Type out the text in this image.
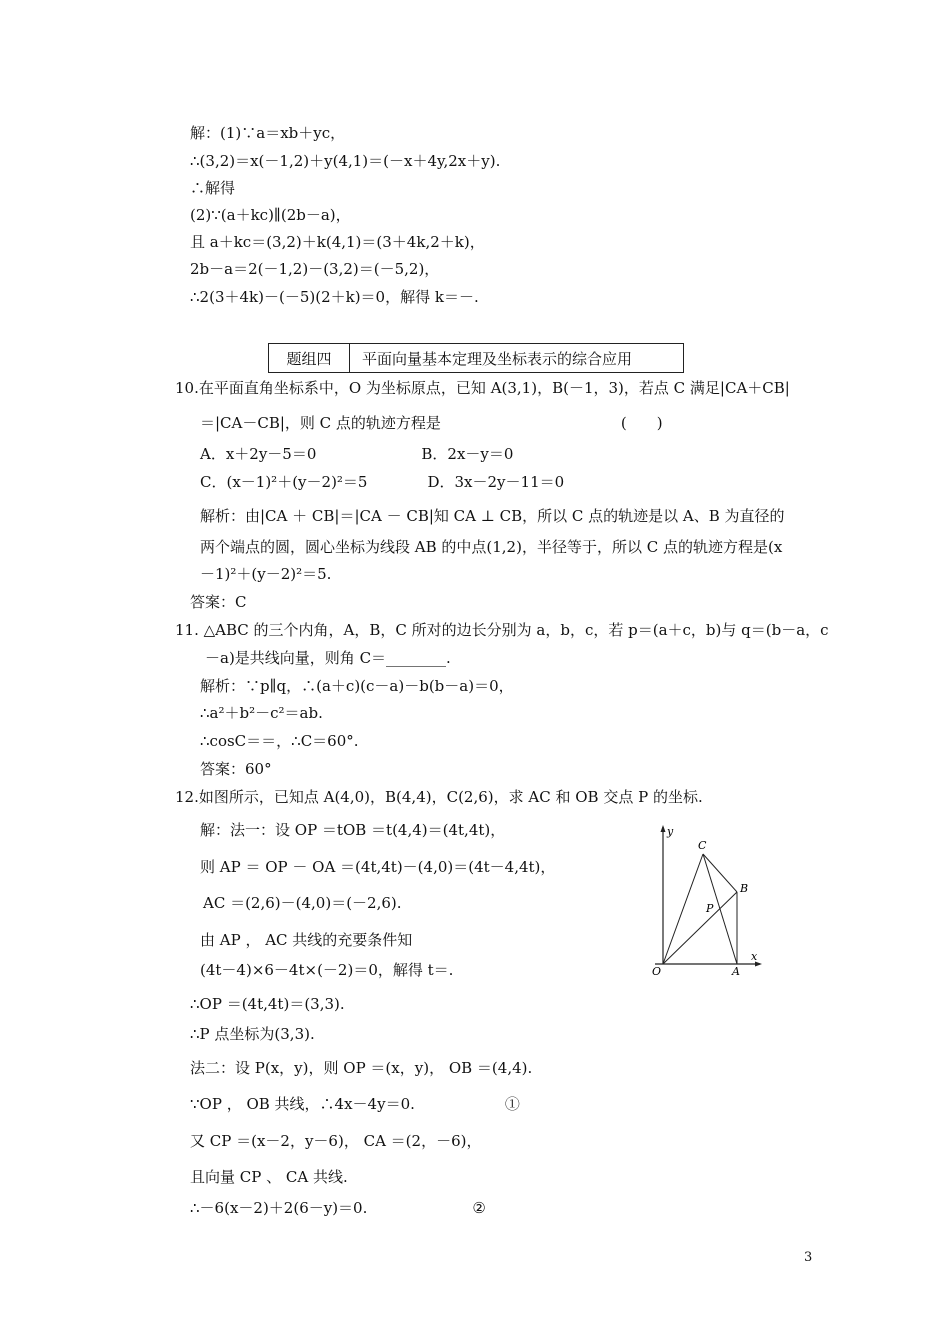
解：(1)∵a＝xb＋yc，
∴(3,2)＝x(－1,2)＋y(4,1)＝(－x＋4y,2x＋y).
∴解得
(2)∵(a＋kc)∥(2b－a)，
且 a＋kc＝(3,2)＋k(4,1)＝(3＋4k,2＋k)，
2b－a＝2(－1,2)－(3,2)＝(－5,2)，
∴2(3＋4k)－(－5)(2＋k)＝0，解得 k＝－.
题组四	平面向量基本定理及坐标表示的综合应用
10.在平面直角坐标系中，O 为坐标原点，已知 A(3,1)，B(－1，3)，若点 C 满足|CA＋CB|
＝|CA－CB|，则 C 点的轨迹方程是　　　　　　　　　　　　(　　)
A．x＋2y－5＝0　　　　　　　B．2x－y＝0
C．(x－1)²＋(y－2)²＝5　　　　D．3x－2y－11＝0
解析：由|CA ＋ CB|＝|CA － CB|知 CA ⊥ CB，所以 C 点的轨迹是以 A、B 为直径的
两个端点的圆，圆心坐标为线段 AB 的中点(1,2)，半径等于，所以 C 点的轨迹方程是(x
－1)²＋(y－2)²＝5.
答案：C
11. △ABC 的三个内角，A，B，C 所对的边长分别为 a，b，c，若 p＝(a＋c，b)与 q＝(b－a，c
－a)是共线向量，则角 C＝________.
解析：∵p∥q，∴(a＋c)(c－a)－b(b－a)＝0，
∴a²＋b²－c²＝ab.
∴cosC＝＝，∴C＝60°.
答案：60°
12.如图所示，已知点 A(4,0)，B(4,4)，C(2,6)，求 AC 和 OB 交点 P 的坐标.
解：法一：设 OP ＝tOB ＝t(4,4)＝(4t,4t)，
则 AP ＝ OP － OA ＝(4t,4t)－(4,0)＝(4t－4,4t)，
AC ＝(2,6)－(4,0)＝(－2,6).
由 AP ， AC 共线的充要条件知
(4t－4)×6－4t×(－2)＝0，解得 t＝.
∴OP ＝(4t,4t)＝(3,3).
∴P 点坐标为(3,3).
法二：设 P(x，y)，则 OP ＝(x，y)， OB ＝(4,4).
∵OP ， OB 共线，∴4x－4y＝0.　　　　　　①
又 CP ＝(x－2，y－6)， CA ＝(2，－6)，
且向量 CP 、 CA 共线.
∴－6(x－2)＋2(6－y)＝0.　　　　　　　②
y
C
B
P
O	A
x
3
